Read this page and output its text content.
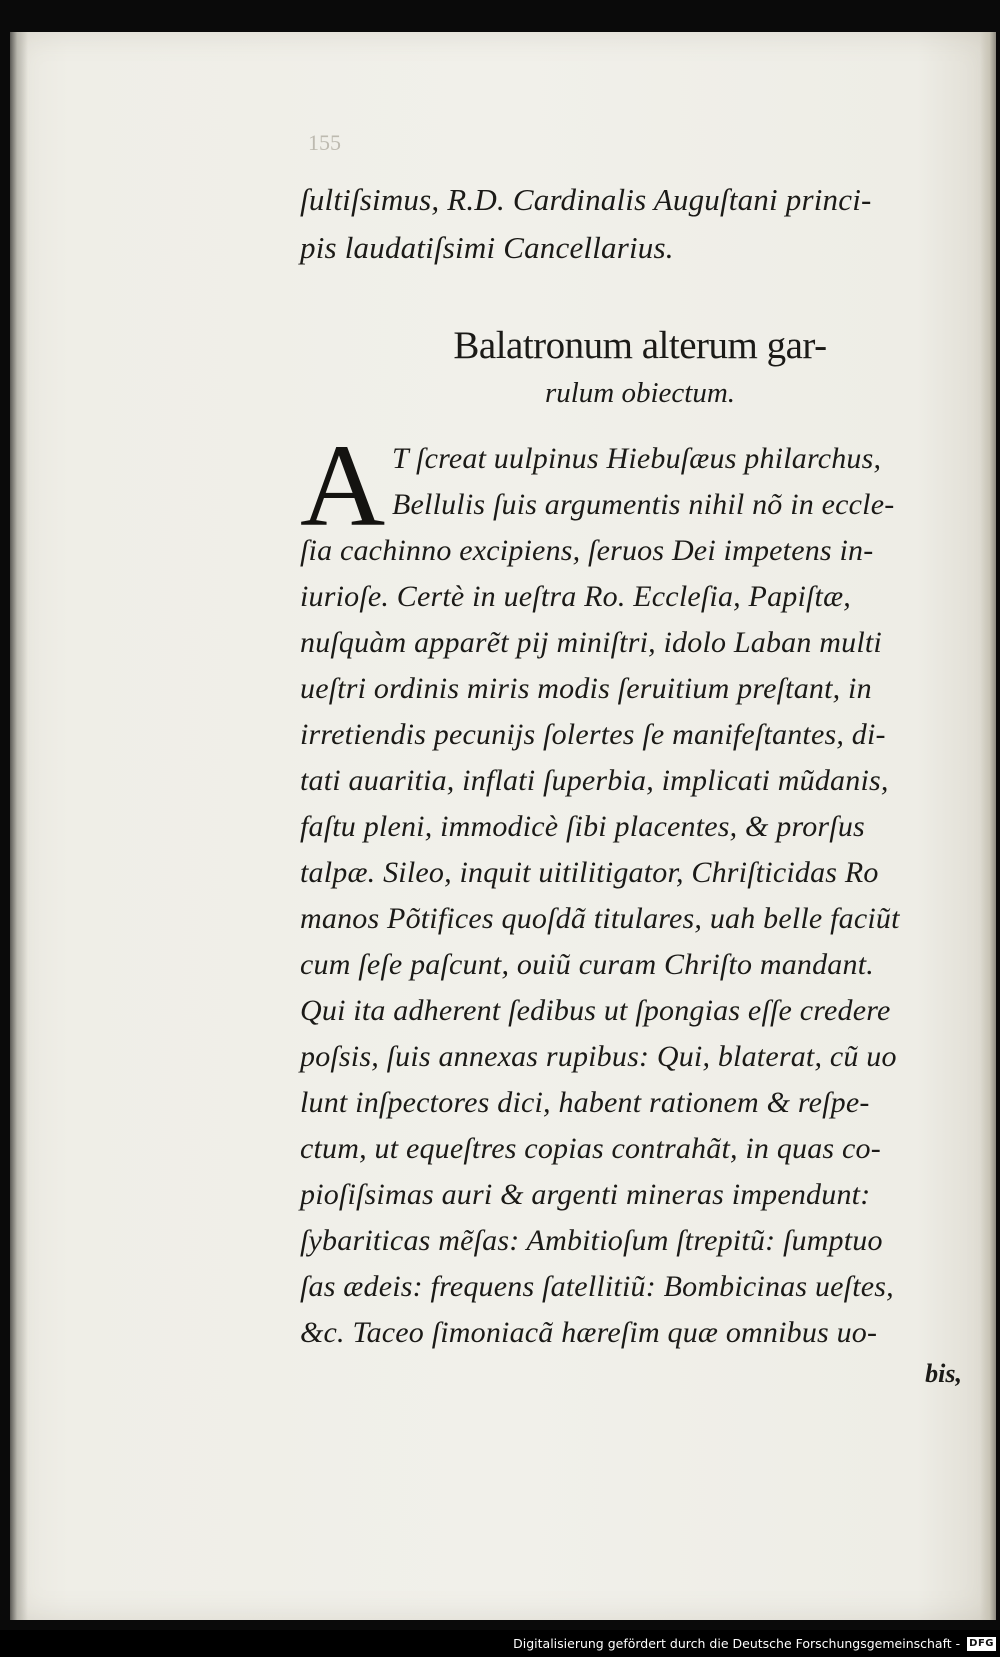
155
ſultiſsimus, R.D. Cardinalis Auguſtani princi-
pis laudatiſsimi Cancellarius.
Balatronum alterum gar-
rulum obiectum.
A T ſcreat uulpinus Hiebuſæus philarchus,
Bellulis ſuis argumentis nihil nõ in eccle-
ſia cachinno excipiens, ſeruos Dei impetens in-
iurioſe. Certè in ueſtra Ro. Eccleſia, Papiſtæ,
nuſquàm apparẽt pij miniſtri, idolo Laban multi
ueſtri ordinis miris modis ſeruitium preſtant, in
irretiendis pecunijs ſolertes ſe manifeſtantes, di-
tati auaritia, inflati ſuperbia, implicati mũdanis,
faſtu pleni, immodicè ſibi placentes, & prorſus
talpæ. Sileo, inquit uitilitigator, Chriſticidas Ro
manos Põtifices quoſdã titulares, uah belle faciũt
cum ſeſe paſcunt, ouiũ curam Chriſto mandant.
Qui ita adherent ſedibus ut ſpongias eſſe credere
poſsis, ſuis annexas rupibus: Qui, blaterat, cũ uo
lunt inſpectores dici, habent rationem & reſpe-
ctum, ut equeſtres copias contrahãt, in quas co-
pioſiſsimas auri & argenti mineras impendunt:
ſybariticas mẽſas: Ambitioſum ſtrepitũ: ſumptuo
ſas ædeis: frequens ſatellitiũ: Bombicinas ueſtes,
&c. Taceo ſimoniacã hæreſim quæ omnibus uo-
bis,
Digitalisierung gefördert durch die Deutsche Forschungsgemeinschaft - DFG
